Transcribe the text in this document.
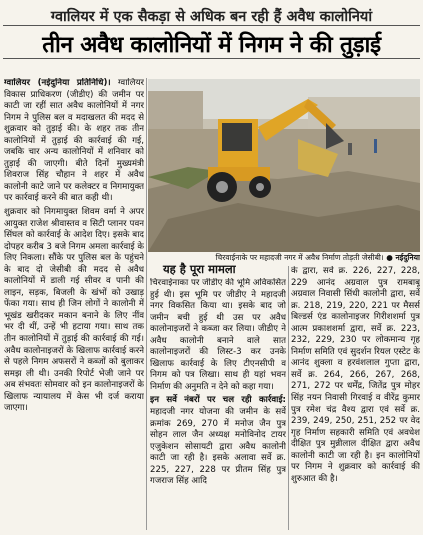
ग्वालियर में एक सैकड़ा से अधिक बन रही हैं अवैध कालोनियां
तीन अवैध कालोनियों में निगम ने की तुड़ाई

ग्वालियर (नईदुनिया प्रतिनिधि)। ग्वालियर विकास प्राधिकरण (जीडीए) की जमीन पर काटी जा रहीं सात अवैध कालोनियों में नगर निगम ने पुलिस बल व मदाखलत की मदद से शुक्रवार को तुड़ाई की। के शहर तक तीन कालोनियों में तुड़ाई की कार्रवाई की गई, जबकि चार अन्य कालोनियों में शनिवार को तुड़ाई की जाएगी। बीते दिनों मुख्यमंत्री शिवराज सिंह चौहान ने शहर में अवैध कालोनी काटे जाने पर कलेक्टर व निगमायुक्त पर कार्रवाई करने की बात कही थी।

शुक्रवार को निगमायुक्त शिवम वर्मा ने अपर आयुक्त राजेश श्रीवास्तव व सिटी प्लानर पवन सिंघल को कार्रवाई के आदेश दिए। इसके बाद दोपहर करीब 3 बजे निगम अमला कार्रवाई के लिए निकला। सौंके पर पुलिस बल के पहुंचने के बाद दो जेसीबी की मदद से अवैध कालोनियों में डाली गई सीवर व पानी की लाइन, सड़क, बिजली के खंभों को उखाड़ फेंका गया। साथ ही जिन लोगों ने कालोनी में भूखंड खरीदकर मकान बनाने के लिए नींव भर दी थीं, उन्हें भी हटाया गया। साथ तक तीन कालोनियों में तुड़ाई की कार्रवाई की गई। अवैध कालोनाइजरों के खिलाफ कार्रवाई करने से पहले निगम अफसरों ने कब्जों को बुलाकर समझ ली थी। उनकी रिपोर्ट भेजी जाने पर अब संभवतः सोमवार को इन कालोनाइजरों के खिलाफ न्यायालय में केस भी दर्ज कराया जाएगा।

चिरवाईनाके पर महादजी नगर में अवैध निर्माण तोड़ती जेसीबी। ● नईदुनिया
यह है पूरा मामला

चिरवाईनाका पर जीडीए की भूमि अविकसित हुई थी। इस भूमि पर जीडीए ने महादजी नगर विकसित किया था। इसके बाद जो जमीन बची हुई थी उस पर अवैध कालोनाइजरों ने कब्जा कर लिया। जीडीए ने अवैध कालोनी बनाने वाले सात कालोनाइजरों की लिस्ट-3 कर उनके खिलाफ कार्रवाई के लिए टीएनसीपी व निगम को पत्र लिखा। साथ ही यहां भवन निर्माण की अनुमति न देने को कहा गया।

इन सर्वे नंबरों पर चल रही कार्रवाई: महादजी नगर योजना की जमीन के सर्वे क्रमांक 269, 270 में मनोज जैन पुत्र सोहन लाल जैन अध्यक्ष मनोविनोद टायर एजुकेशन सोसायटी द्वारा अवैध कालोनी काटी जा रही है। इसके अलावा सर्वे क्र. 225, 227, 228 पर प्रीतम सिंह पुत्र गजराज सिंह आदि

के द्वारा, सर्वे क्र. 226, 227, 228, 229 आनंद अग्रवाल पुत्र रामबाबू अग्रवाल निवासी सिंधी कालोनी द्वारा, सर्वे क्र. 218, 219, 220, 221 पर मैसर्स बिल्डर्स एंड कालोनाइजर गिरीशशर्मा पुत्र आत्म प्रकाशशर्मा द्वारा, सर्वे क्र. 223, 232, 229, 230 पर लोकमान्य गृह निर्माण समिति एवं सुदर्शन रियल एस्टेट के आनंद शुक्ला व हरवंशलाल गुप्ता द्वारा, सर्वे क्र. 264, 266, 267, 268, 271, 272 पर धर्मेंद्र, जितेंद्र पुत्र मोहर सिंह नयन निवासी गिरवाई व वीरेंद्र कुमार पुत्र रमेश चंद्र वैश्य द्वारा एवं सर्वे क्र. 239, 249, 250, 251, 252 पर वेद गृह निर्माण सहकारी समिति एवं अवधेश दीक्षित पुत्र मुन्नीलाल दीक्षित द्वारा अवैध कालोनी काटी जा रही है। इन कालोनियों पर निगम ने शुक्रवार को कार्रवाई की शुरुआत की है।
